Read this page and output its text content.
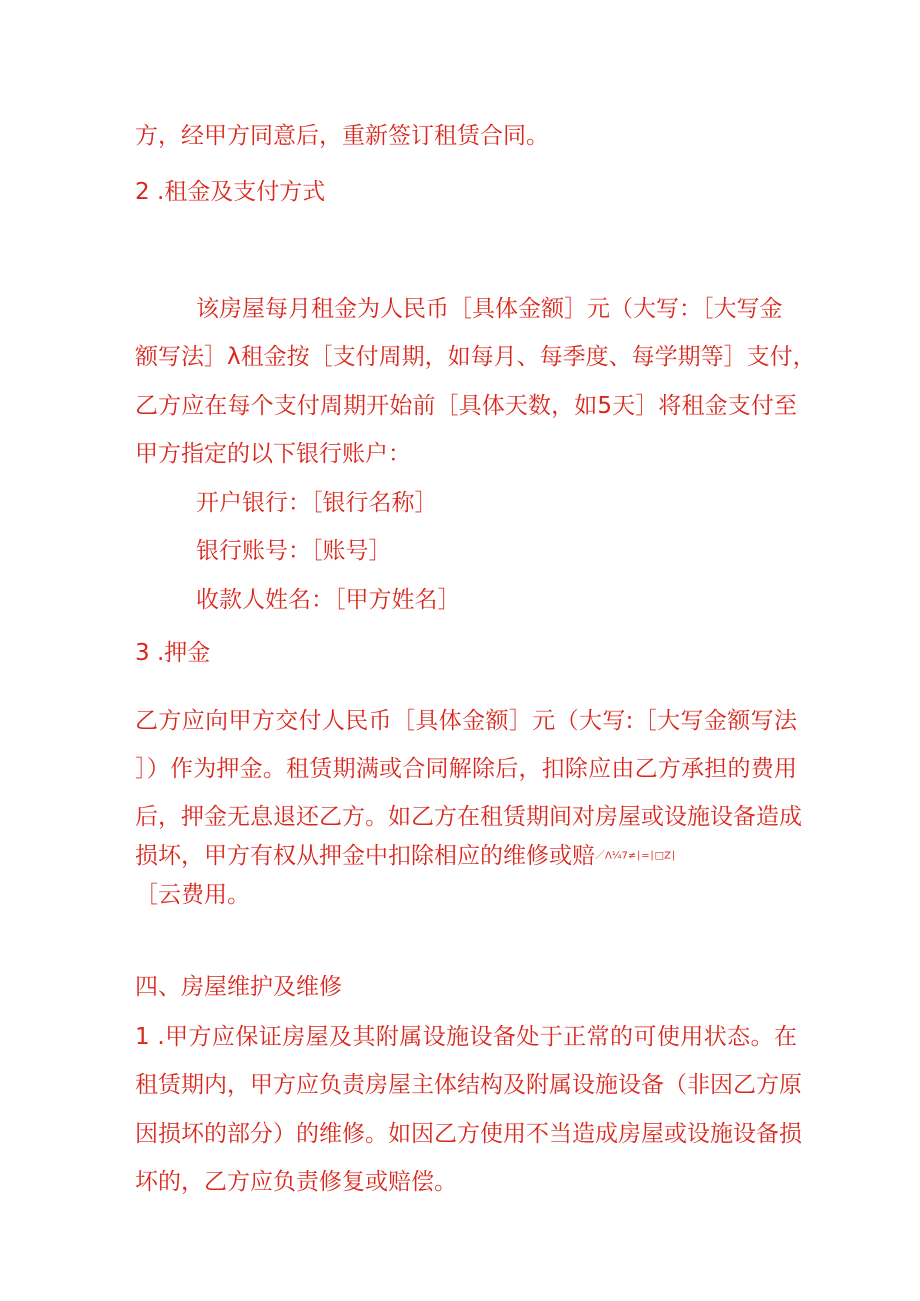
方，经甲方同意后，重新签订租赁合同。
2 .租金及支付方式
该房屋每月租金为人民币［具体金额］元（大写：［大写金
额写法］λ租金按［支付周期，如每月、每季度、每学期等］支付，
乙方应在每个支付周期开始前［具体天数，如5天］将租金支付至
甲方指定的以下银行账户：
开户银行：［银行名称］
银行账号：［账号］
收款人姓名：［甲方姓名］
3 .押金
乙方应向甲方交付人民币［具体金额］元（大写:［大写金额写法
］）作为押金。租赁期满或合同解除后，扣除应由乙方承担的费用
后，押金无息退还乙方。如乙方在租赁期间对房屋或设施设备造成
损坏，甲方有权从押金中扣除相应的维修或赔／Λ¼7≠∣=∣□Z∣
［云费用。
四、房屋维护及维修
1 .甲方应保证房屋及其附属设施设备处于正常的可使用状态。在
租赁期内，甲方应负责房屋主体结构及附属设施设备（非因乙方原
因损坏的部分）的维修。如因乙方使用不当造成房屋或设施设备损
坏的，乙方应负责修复或赔偿。
